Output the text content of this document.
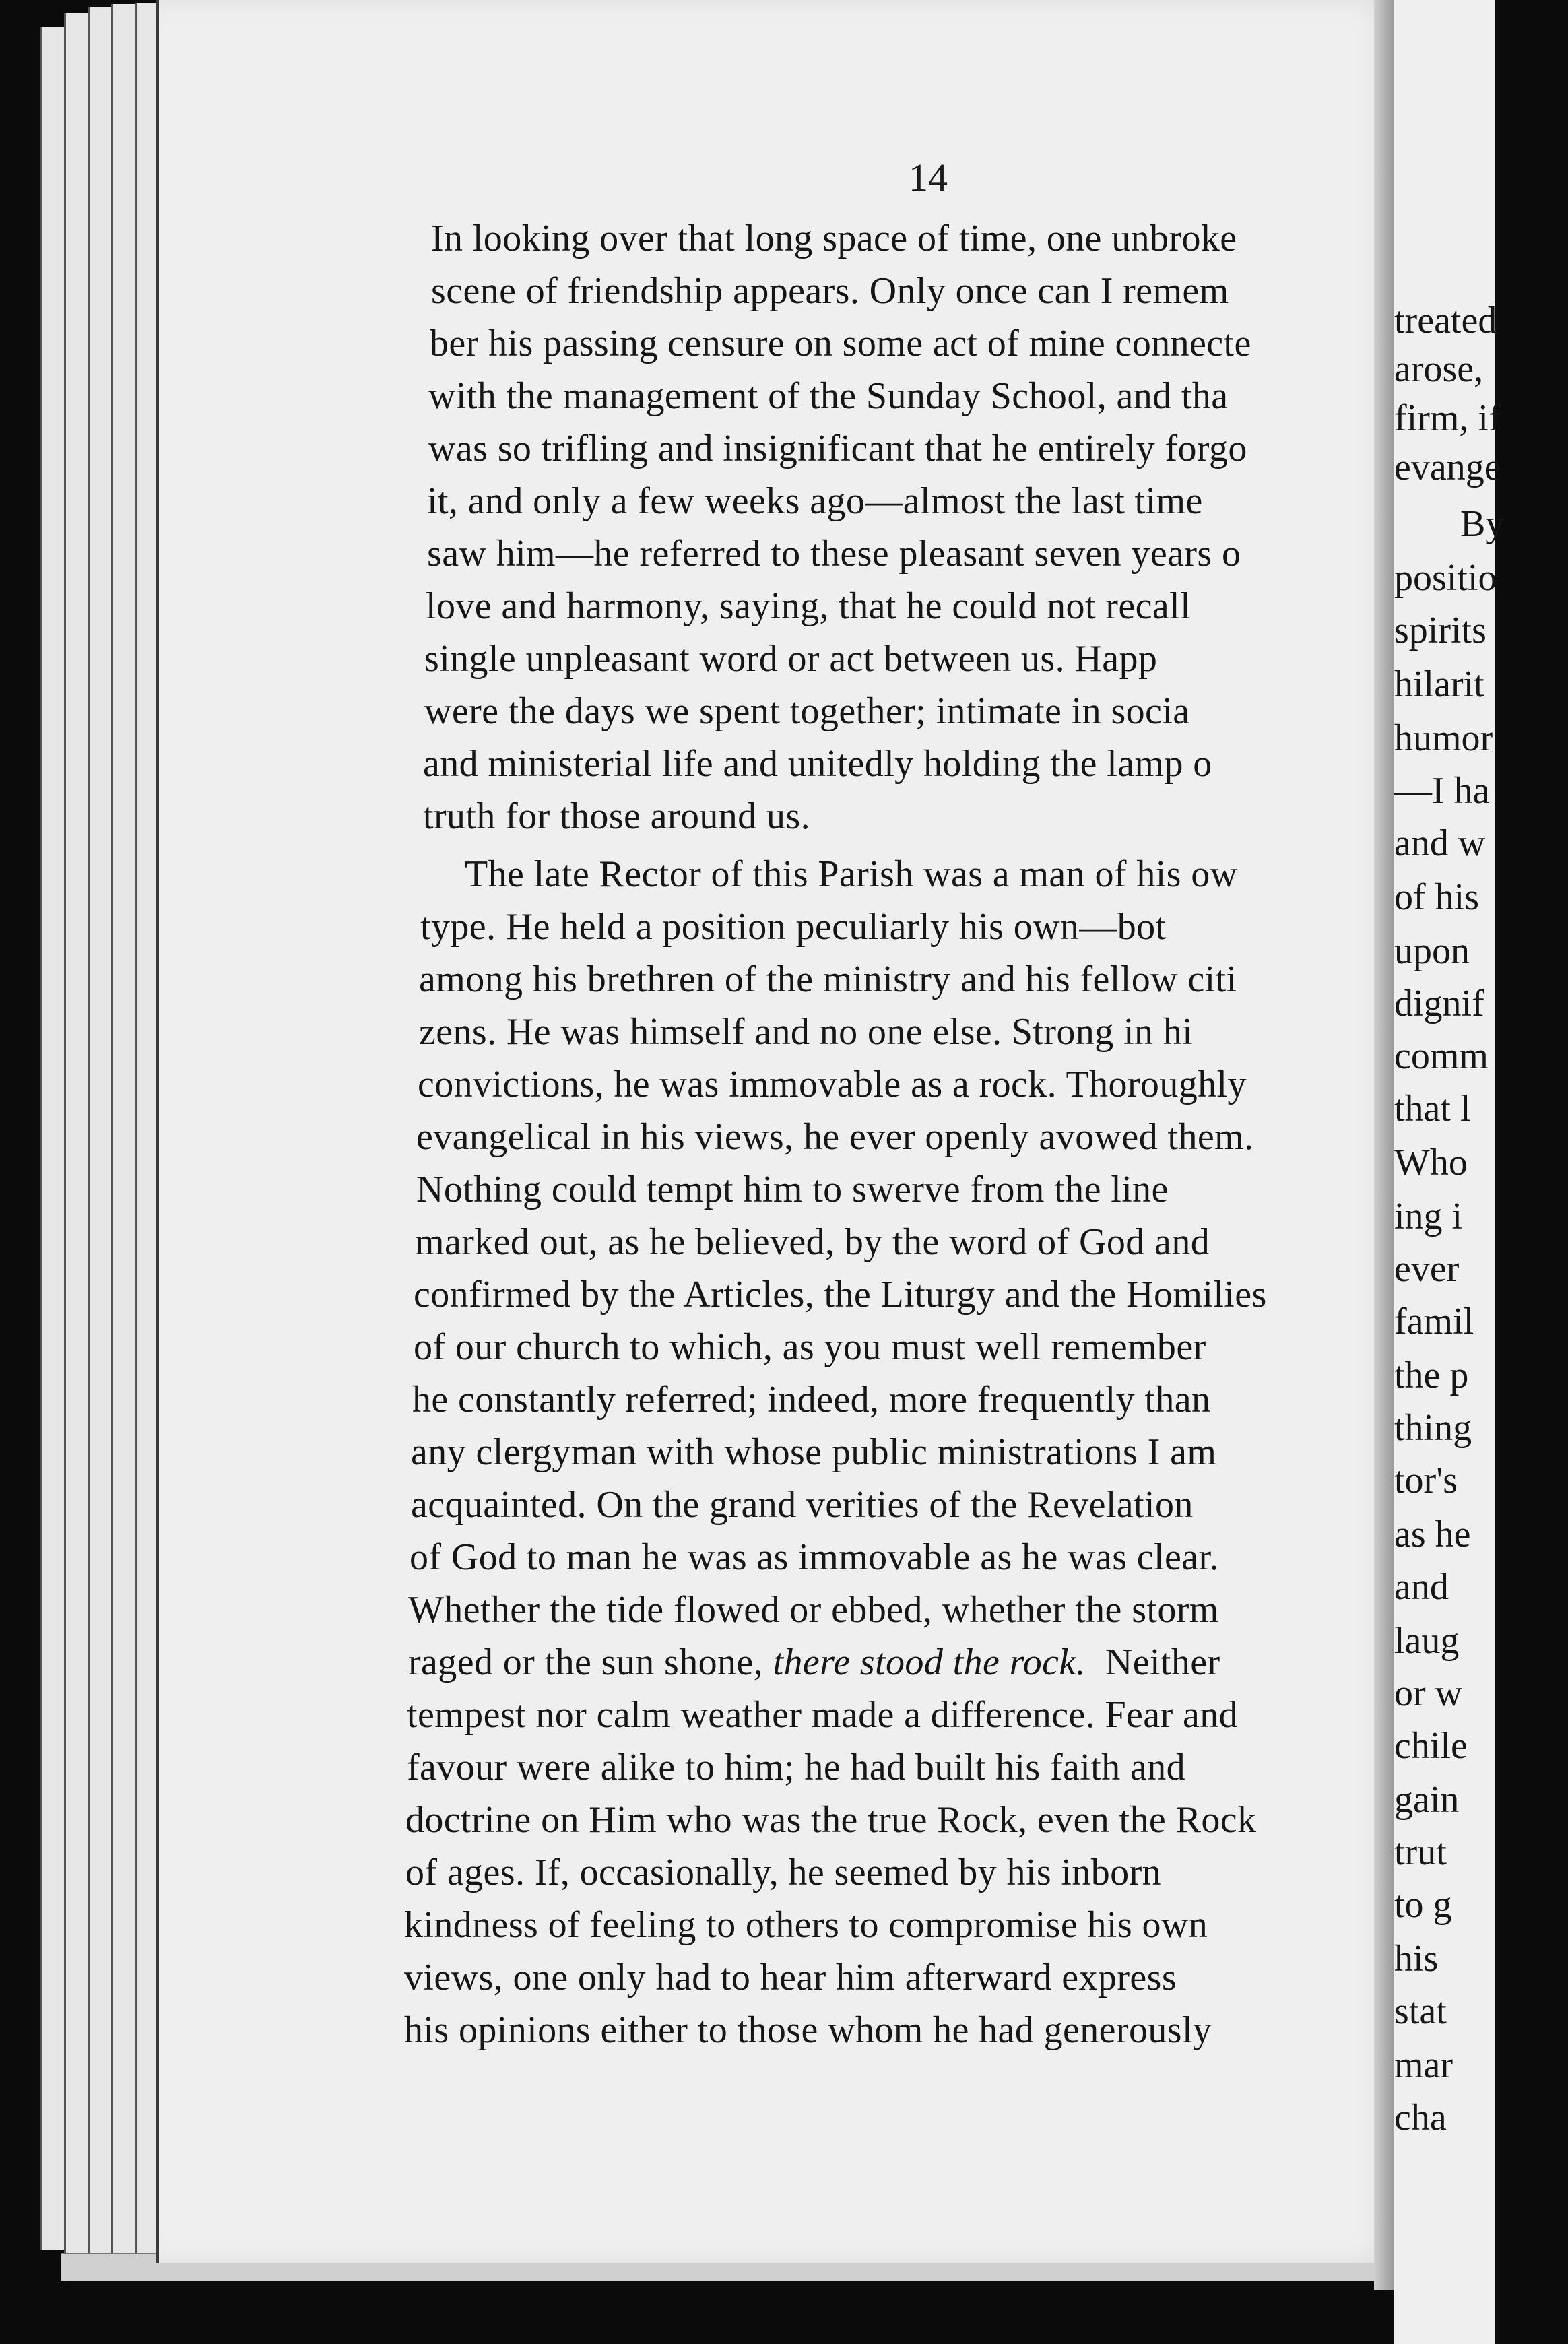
treated
arose,
firm, if
evange
By
positio
spirits
hilarit
humor
—I ha
and w
of his
upon
dignif
comm
that l
Who
ing i
ever
famil
the p
thing
tor's
as he
and
laug
or w
chile
gain
trut
to g
his
stat
mar
cha
14
In looking over that long space of time, one unbroke
scene of friendship appears. Only once can I remem
ber his passing censure on some act of mine connecte
with the management of the Sunday School, and tha
was so trifling and insignificant that he entirely forgo
it, and only a few weeks ago—almost the last time
saw him—he referred to these pleasant seven years o
love and harmony, saying, that he could not recall
single unpleasant word or act between us. Happ
were the days we spent together; intimate in socia
and ministerial life and unitedly holding the lamp o
truth for those around us.
The late Rector of this Parish was a man of his ow
type. He held a position peculiarly his own—bot
among his brethren of the ministry and his fellow citi
zens. He was himself and no one else. Strong in hi
convictions, he was immovable as a rock. Thoroughly
evangelical in his views, he ever openly avowed them.
Nothing could tempt him to swerve from the line
marked out, as he believed, by the word of God and
confirmed by the Articles, the Liturgy and the Homilies
of our church to which, as you must well remember
he constantly referred; indeed, more frequently than
any clergyman with whose public ministrations I am
acquainted. On the grand verities of the Revelation
of God to man he was as immovable as he was clear.
Whether the tide flowed or ebbed, whether the storm
raged or the sun shone, there stood the rock. Neither
tempest nor calm weather made a difference. Fear and
favour were alike to him; he had built his faith and
doctrine on Him who was the true Rock, even the Rock
of ages. If, occasionally, he seemed by his inborn
kindness of feeling to others to compromise his own
views, one only had to hear him afterward express
his opinions either to those whom he had generously
